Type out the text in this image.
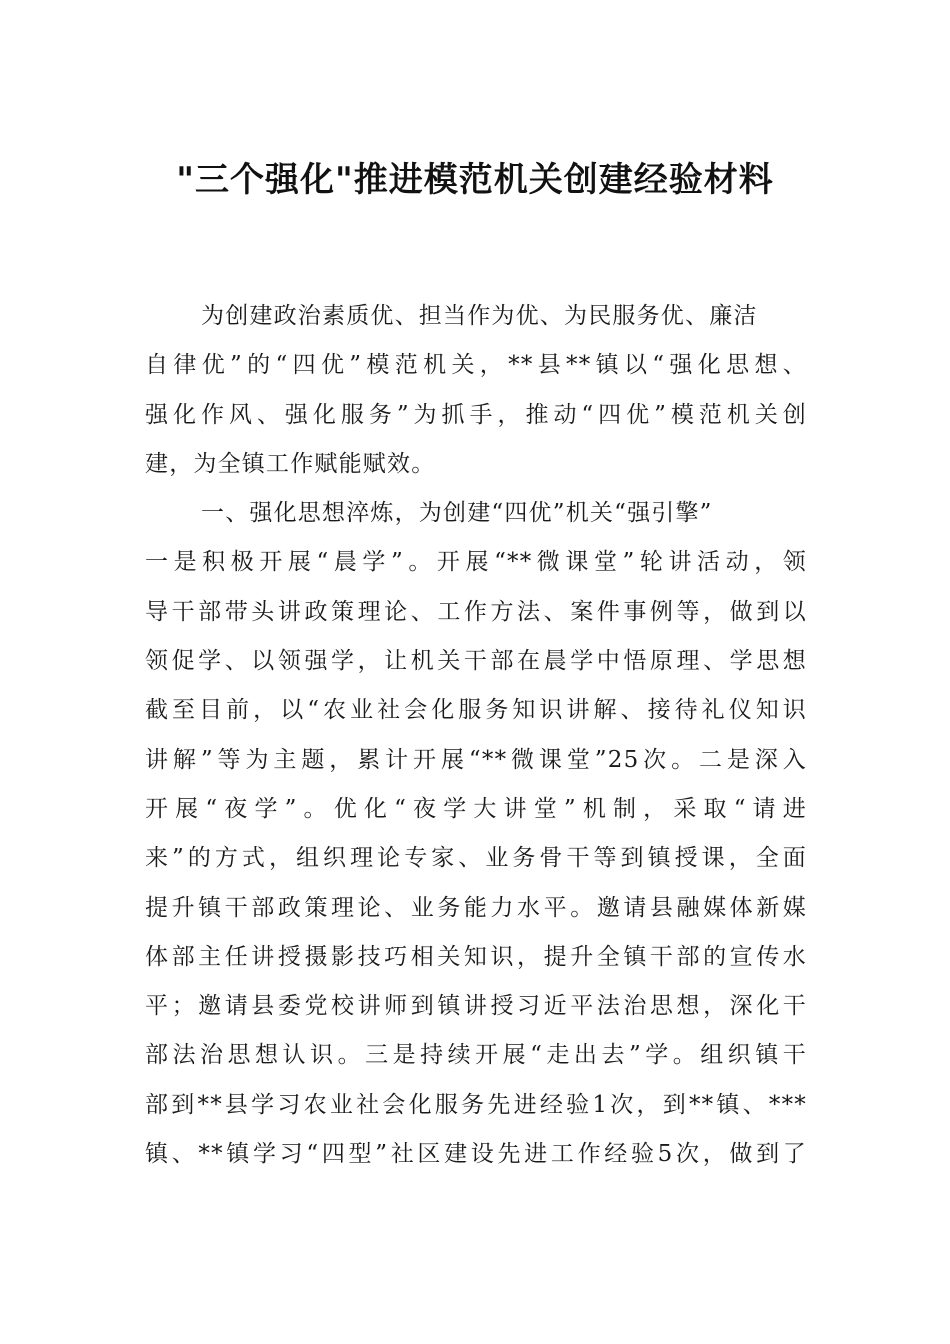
"三个强化"推进模范机关创建经验材料
为创建政治素质优、担当作为优、为民服务优、廉洁
自律优”的“四优”模范机关，**县**镇以“强化思想、
强化作风、强化服务”为抓手，推动“四优”模范机关创
建，为全镇工作赋能赋效。
一、强化思想淬炼，为创建“四优”机关“强引擎”
一是积极开展“晨学”。开展“**微课堂”轮讲活动，领
导干部带头讲政策理论、工作方法、案件事例等，做到以
领促学、以领强学，让机关干部在晨学中悟原理、学思想
截至目前，以“农业社会化服务知识讲解、接待礼仪知识
讲解”等为主题，累计开展“**微课堂”25次。二是深入
开展“夜学”。优化“夜学大讲堂”机制，采取“请进
来”的方式，组织理论专家、业务骨干等到镇授课，全面
提升镇干部政策理论、业务能力水平。邀请县融媒体新媒
体部主任讲授摄影技巧相关知识，提升全镇干部的宣传水
平；邀请县委党校讲师到镇讲授习近平法治思想，深化干
部法治思想认识。三是持续开展“走出去”学。组织镇干
部到**县学习农业社会化服务先进经验1次，到**镇、***
镇、**镇学习“四型”社区建设先进工作经验5次，做到了
